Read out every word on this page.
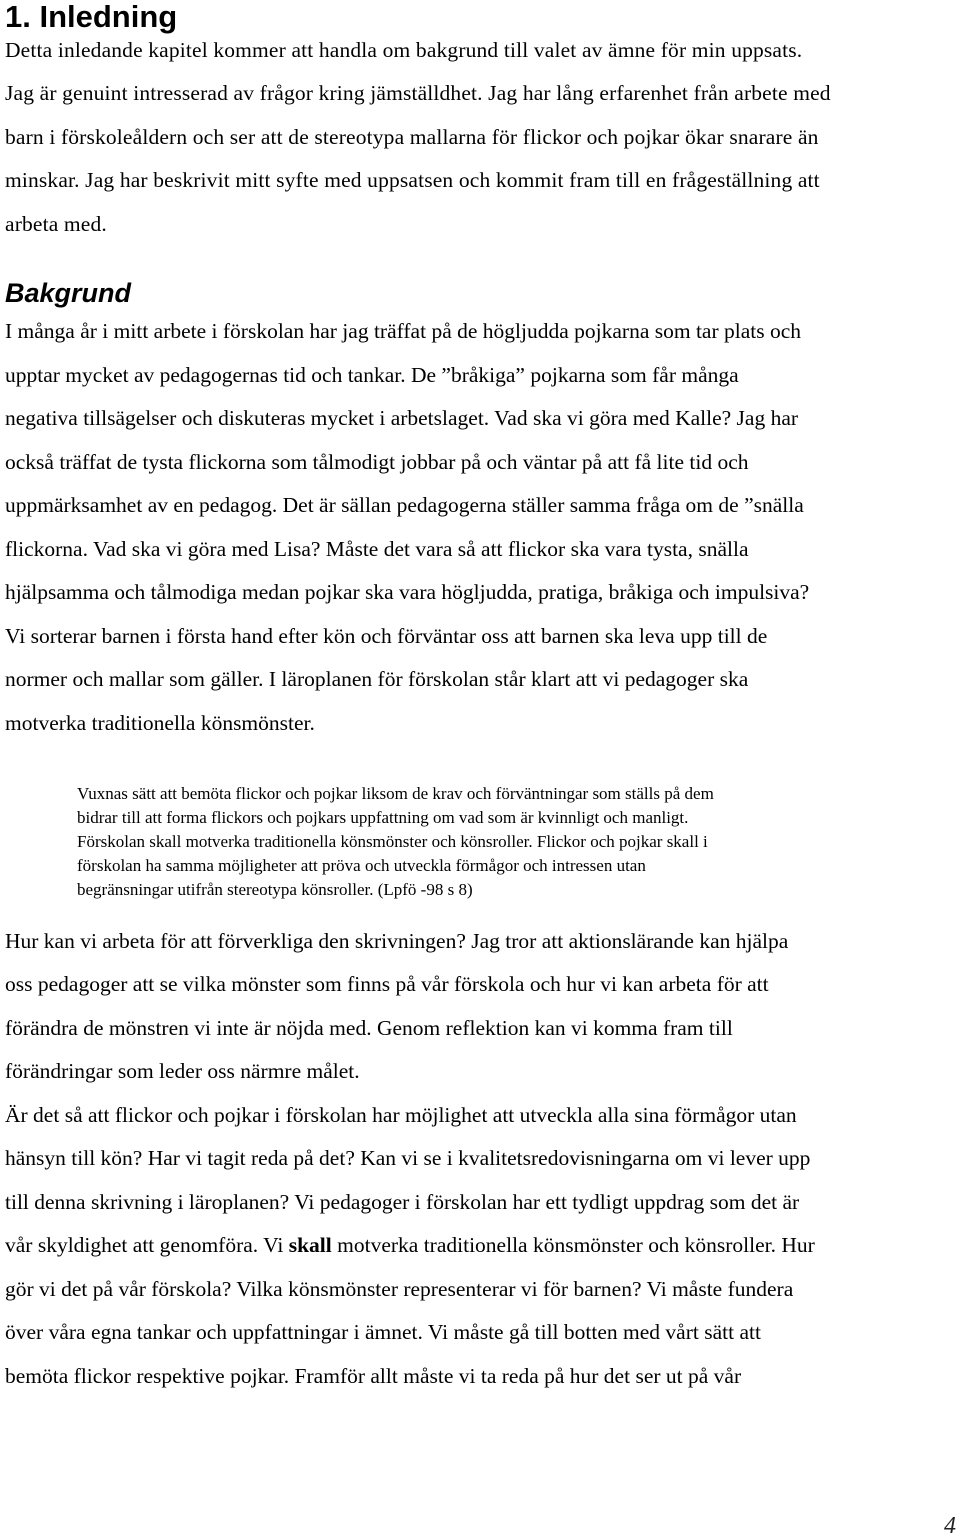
1. Inledning
Detta inledande kapitel kommer att handla om bakgrund till valet av ämne för min uppsats.
Jag är genuint intresserad av frågor kring jämställdhet. Jag har lång erfarenhet från arbete med
barn i förskoleåldern och ser att de stereotypa mallarna för flickor och pojkar ökar snarare än
minskar. Jag har beskrivit mitt syfte med uppsatsen och kommit fram till en frågeställning att
arbeta med.
Bakgrund
I många år i mitt arbete i förskolan har jag träffat på de högljudda pojkarna som tar plats och
upptar mycket av pedagogernas tid och tankar. De ”bråkiga” pojkarna som får många
negativa tillsägelser och diskuteras mycket i arbetslaget. Vad ska vi göra med Kalle? Jag har
också träffat de tysta flickorna som tålmodigt jobbar på och väntar på att få lite tid och
uppmärksamhet av en pedagog. Det är sällan pedagogerna ställer samma fråga om de ”snälla
flickorna. Vad ska vi göra med Lisa? Måste det vara så att flickor ska vara tysta, snälla
hjälpsamma och tålmodiga medan pojkar ska vara högljudda, pratiga, bråkiga och impulsiva?
Vi sorterar barnen i första hand efter kön och förväntar oss att barnen ska leva upp till de
normer och mallar som gäller. I läroplanen för förskolan står klart att vi pedagoger ska
motverka traditionella könsmönster.
Vuxnas sätt att bemöta flickor och pojkar liksom de krav och förväntningar som ställs på dem
bidrar till att forma flickors och pojkars uppfattning om vad som är kvinnligt och manligt.
Förskolan skall motverka traditionella könsmönster och könsroller. Flickor och pojkar skall i
förskolan ha samma möjligheter att pröva och utveckla förmågor och intressen utan
begränsningar utifrån stereotypa könsroller. (Lpfö -98 s 8)
Hur kan vi arbeta för att förverkliga den skrivningen? Jag tror att aktionslärande kan hjälpa
oss pedagoger att se vilka mönster som finns på vår förskola och hur vi kan arbeta för att
förändra de mönstren vi inte är nöjda med. Genom reflektion kan vi komma fram till
förändringar som leder oss närmre målet.
Är det så att flickor och pojkar i förskolan har möjlighet att utveckla alla sina förmågor utan
hänsyn till kön? Har vi tagit reda på det? Kan vi se i kvalitetsredovisningarna om vi lever upp
till denna skrivning i läroplanen? Vi pedagoger i förskolan har ett tydligt uppdrag som det är
vår skyldighet att genomföra. Vi skall motverka traditionella könsmönster och könsroller. Hur
gör vi det på vår förskola? Vilka könsmönster representerar vi för barnen? Vi måste fundera
över våra egna tankar och uppfattningar i ämnet. Vi måste gå till botten med vårt sätt att
bemöta flickor respektive pojkar. Framför allt måste vi ta reda på hur det ser ut på vår
4
